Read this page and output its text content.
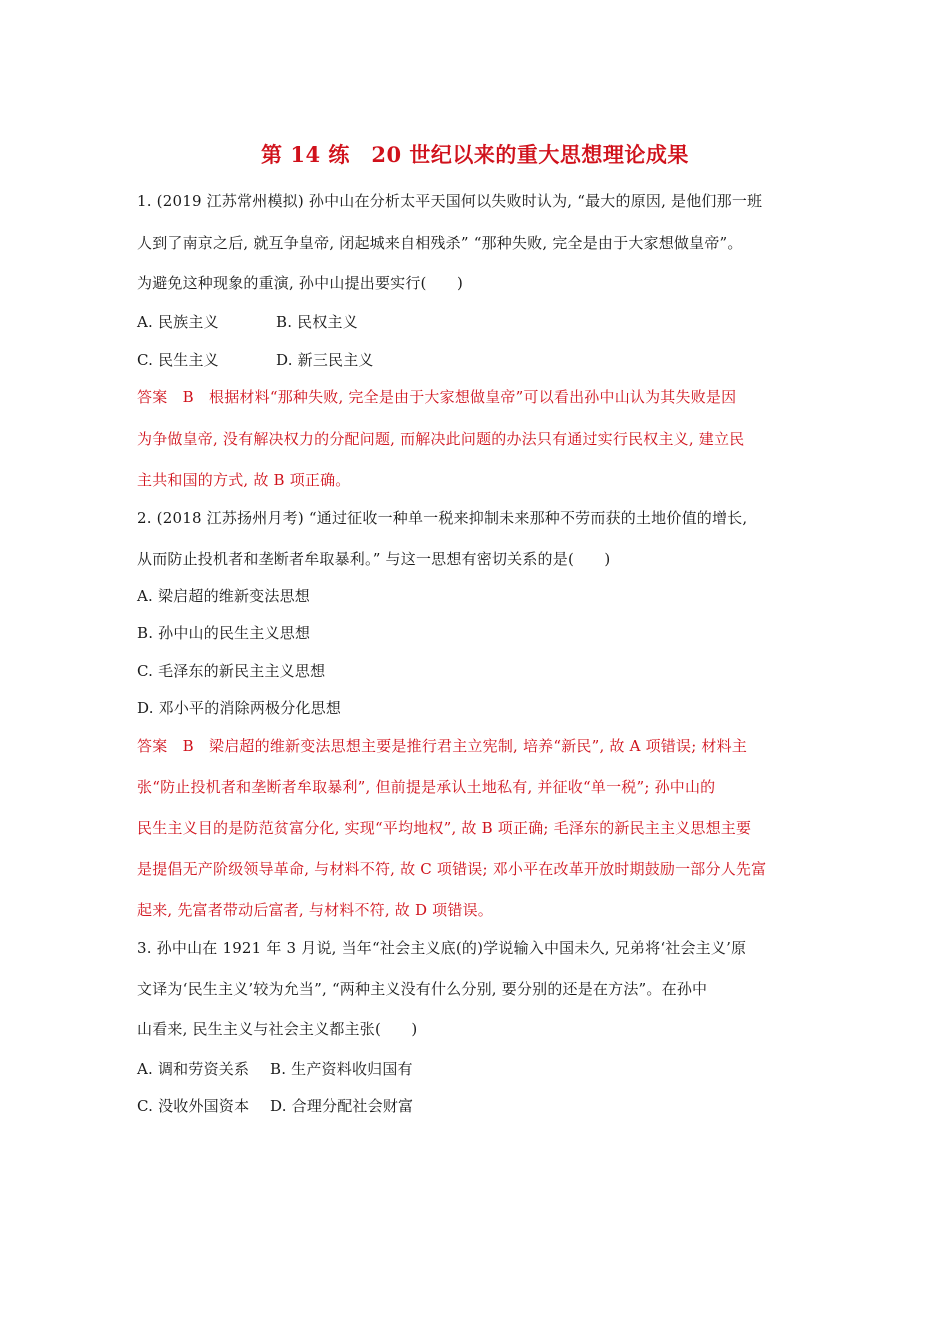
第 14 练　20 世纪以来的重大思想理论成果
1. (2019 江苏常州模拟) 孙中山在分析太平天国何以失败时认为, “最大的原因, 是他们那一班
人到了南京之后, 就互争皇帝, 闭起城来自相残杀” “那种失败, 完全是由于大家想做皇帝”。
为避免这种现象的重演, 孙中山提出要实行(　　)
A. 民族主义	B. 民权主义
C. 民生主义	D. 新三民主义
答案　B　根据材料“那种失败, 完全是由于大家想做皇帝”可以看出孙中山认为其失败是因
为争做皇帝, 没有解决权力的分配问题, 而解决此问题的办法只有通过实行民权主义, 建立民
主共和国的方式, 故 B 项正确。
2. (2018 江苏扬州月考) “通过征收一种单一税来抑制未来那种不劳而获的土地价值的增长,
从而防止投机者和垄断者牟取暴利。” 与这一思想有密切关系的是(　　)
A. 梁启超的维新变法思想
B. 孙中山的民生主义思想
C. 毛泽东的新民主主义思想
D. 邓小平的消除两极分化思想
答案　B　梁启超的维新变法思想主要是推行君主立宪制, 培养“新民”, 故 A 项错误; 材料主
张“防止投机者和垄断者牟取暴利”, 但前提是承认土地私有, 并征收“单一税”; 孙中山的
民生主义目的是防范贫富分化, 实现“平均地权”, 故 B 项正确; 毛泽东的新民主主义思想主要
是提倡无产阶级领导革命, 与材料不符, 故 C 项错误; 邓小平在改革开放时期鼓励一部分人先富
起来, 先富者带动后富者, 与材料不符, 故 D 项错误。
3. 孙中山在 1921 年 3 月说, 当年“社会主义底(的)学说输入中国未久, 兄弟将‘社会主义’原
文译为‘民生主义’较为允当”, “两种主义没有什么分别, 要分别的还是在方法”。在孙中
山看来, 民生主义与社会主义都主张(　　)
A. 调和劳资关系 B. 生产资料收归国有
C. 没收外国资本 D. 合理分配社会财富
